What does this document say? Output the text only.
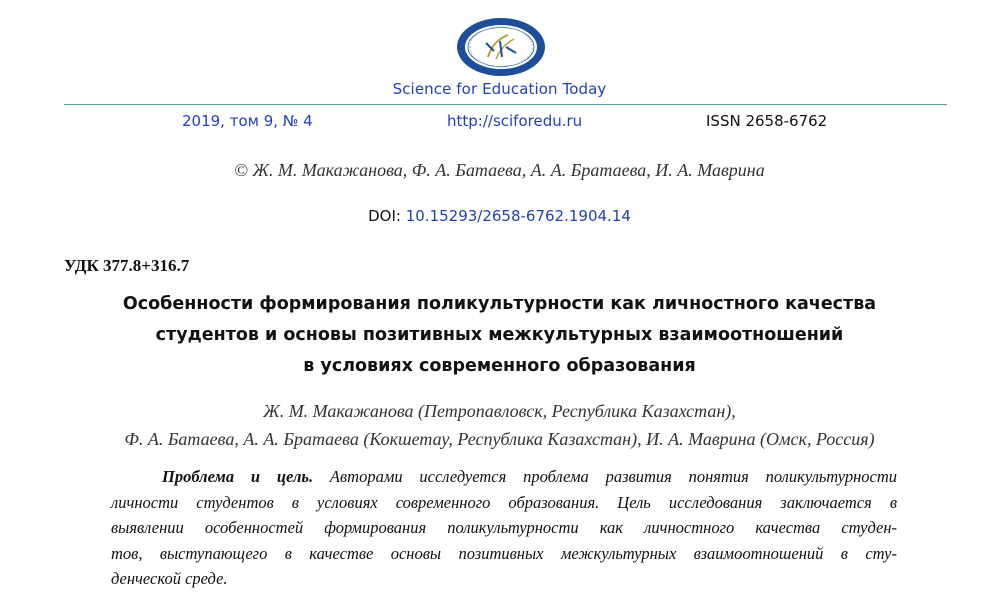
Science for Education Today
2019, том 9, № 4	http://sciforedu.ru	ISSN 2658-6762
© Ж. М. Макажанова, Ф. А. Батаева, А. А. Братаева, И. А. Маврина
DOI: 10.15293/2658-6762.1904.14
УДК 377.8+316.7
Особенности формирования поликультурности как личностного качества
студентов и основы позитивных межкультурных взаимоотношений
в условиях современного образования
Ж. М. Макажанова (Петропавловск, Республика Казахстан),
Ф. А. Батаева, А. А. Братаева (Кокшетау, Республика Казахстан), И. А. Маврина (Омск, Россия)
Проблема и цель. Авторами исследуется проблема развития понятия поликультурности
личности студентов в условиях современного образования. Цель исследования заключается в
выявлении особенностей формирования поликультурности как личностного качества студен-
тов, выступающего в качестве основы позитивных межкультурных взаимоотношений в сту-
денческой среде.
